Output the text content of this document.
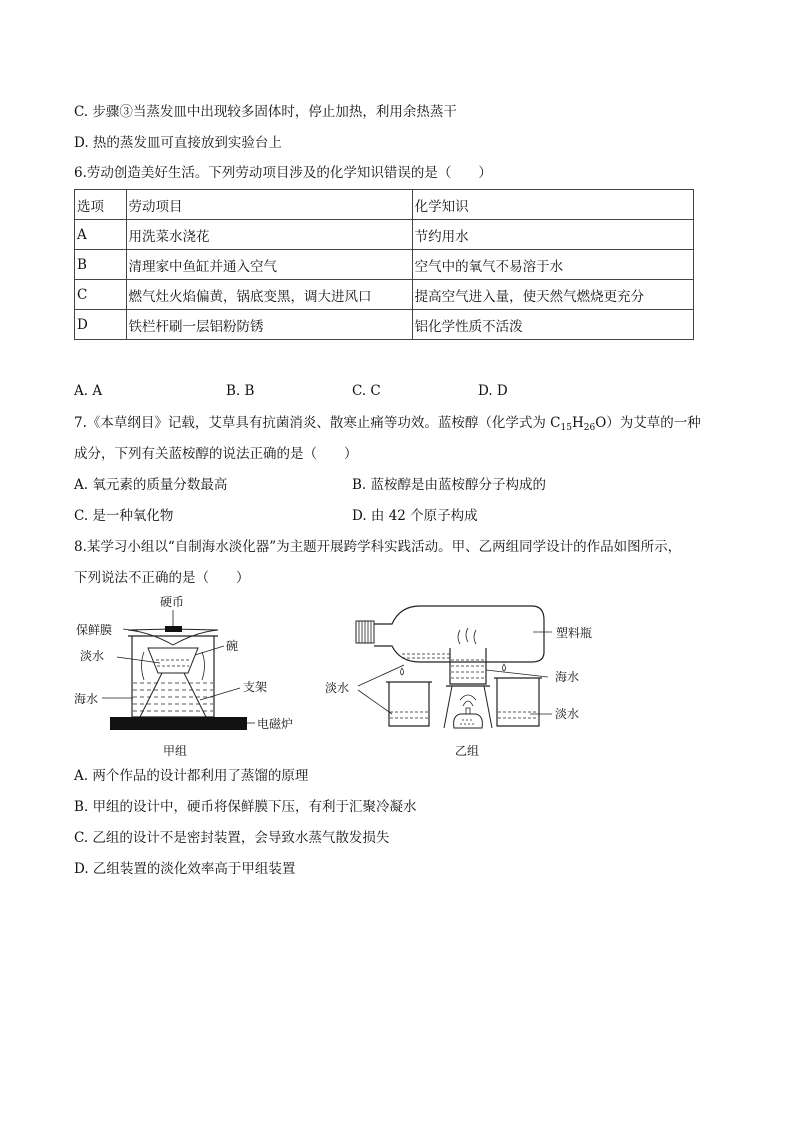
C. 步骤③当蒸发皿中出现较多固体时，停止加热，利用余热蒸干
D. 热的蒸发皿可直接放到实验台上
6.劳动创造美好生活。下列劳动项目涉及的化学知识错误的是（　　）
选项	劳动项目	化学知识
A	用洗菜水浇花	节约用水
B	清理家中鱼缸并通入空气	空气中的氧气不易溶于水
C	燃气灶火焰偏黄，锅底变黑，调大进风口	提高空气进入量，使天然气燃烧更充分
D	铁栏杆刷一层铝粉防锈	铝化学性质不活泼
A. A	B. B	C. C	D. D
7.《本草纲目》记载，艾草具有抗菌消炎、散寒止痛等功效。蓝桉醇（化学式为 $C_{15}H_{26}O$）为艾草的一种
成分，下列有关蓝桉醇的说法正确的是（　　）
A. 氧元素的质量分数最高	B. 蓝桉醇是由蓝桉醇分子构成的
C. 是一种氧化物	D. 由 42 个原子构成
8.某学习小组以“自制海水淡化器”为主题开展跨学科实践活动。甲、乙两组同学设计的作品如图所示，
下列说法不正确的是（　　）
硬币
保鲜膜
淡水
碗
海水
支架
电磁炉
甲组
塑料瓶
淡水
海水
淡水
乙组
A. 两个作品的设计都利用了蒸馏的原理
B. 甲组的设计中，硬币将保鲜膜下压，有利于汇聚冷凝水
C. 乙组的设计不是密封装置，会导致水蒸气散发损失
D. 乙组装置的淡化效率高于甲组装置
